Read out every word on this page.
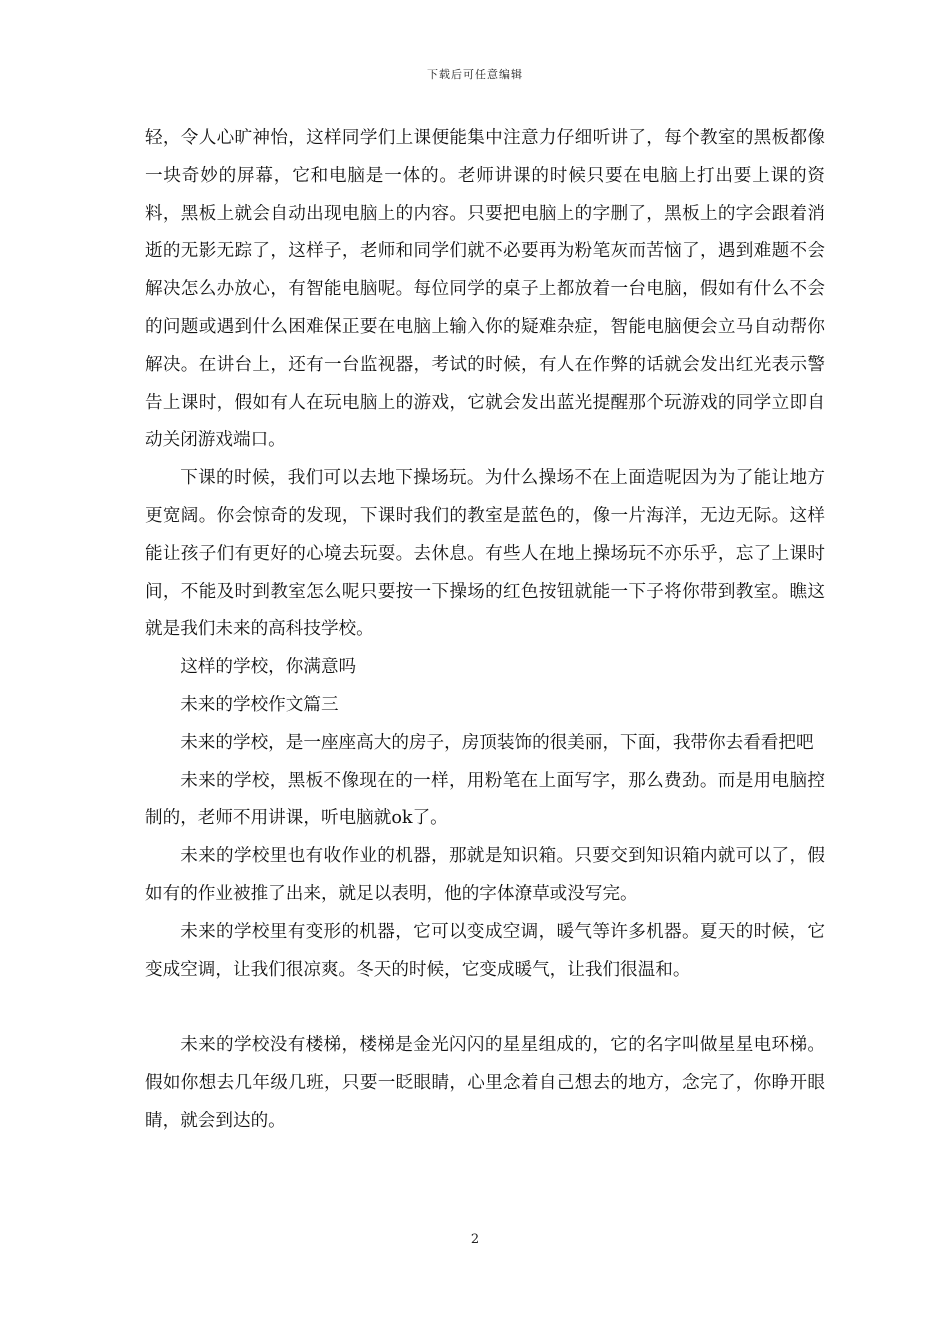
下载后可任意编辑

轻，令人心旷神怡，这样同学们上课便能集中注意力仔细听讲了，每个教室的黑板都像一块奇妙的屏幕，它和电脑是一体的。老师讲课的时候只要在电脑上打出要上课的资料，黑板上就会自动出现电脑上的内容。只要把电脑上的字删了，黑板上的字会跟着消逝的无影无踪了，这样子，老师和同学们就不必要再为粉笔灰而苦恼了，遇到难题不会解决怎么办放心，有智能电脑呢。每位同学的桌子上都放着一台电脑，假如有什么不会的问题或遇到什么困难保正要在电脑上输入你的疑难杂症，智能电脑便会立马自动帮你解决。在讲台上，还有一台监视器，考试的时候，有人在作弊的话就会发出红光表示警告上课时，假如有人在玩电脑上的游戏，它就会发出蓝光提醒那个玩游戏的同学立即自动关闭游戏端口。

下课的时候，我们可以去地下操场玩。为什么操场不在上面造呢因为为了能让地方更宽阔。你会惊奇的发现，下课时我们的教室是蓝色的，像一片海洋，无边无际。这样能让孩子们有更好的心境去玩耍。去休息。有些人在地上操场玩不亦乐乎，忘了上课时间，不能及时到教室怎么呢只要按一下操场的红色按钮就能一下子将你带到教室。瞧这就是我们未来的高科技学校。

这样的学校，你满意吗

未来的学校作文篇三

未来的学校，是一座座高大的房子，房顶装饰的很美丽，下面，我带你去看看把吧

未来的学校，黑板不像现在的一样，用粉笔在上面写字，那么费劲。而是用电脑控制的，老师不用讲课，听电脑就ok了。

未来的学校里也有收作业的机器，那就是知识箱。只要交到知识箱内就可以了，假如有的作业被推了出来，就足以表明，他的字体潦草或没写完。

未来的学校里有变形的机器，它可以变成空调，暖气等许多机器。夏天的时候，它变成空调，让我们很凉爽。冬天的时候，它变成暖气，让我们很温和。

未来的学校没有楼梯，楼梯是金光闪闪的星星组成的，它的名字叫做星星电环梯。假如你想去几年级几班，只要一眨眼睛，心里念着自己想去的地方，念完了，你睁开眼睛，就会到达的。

2
